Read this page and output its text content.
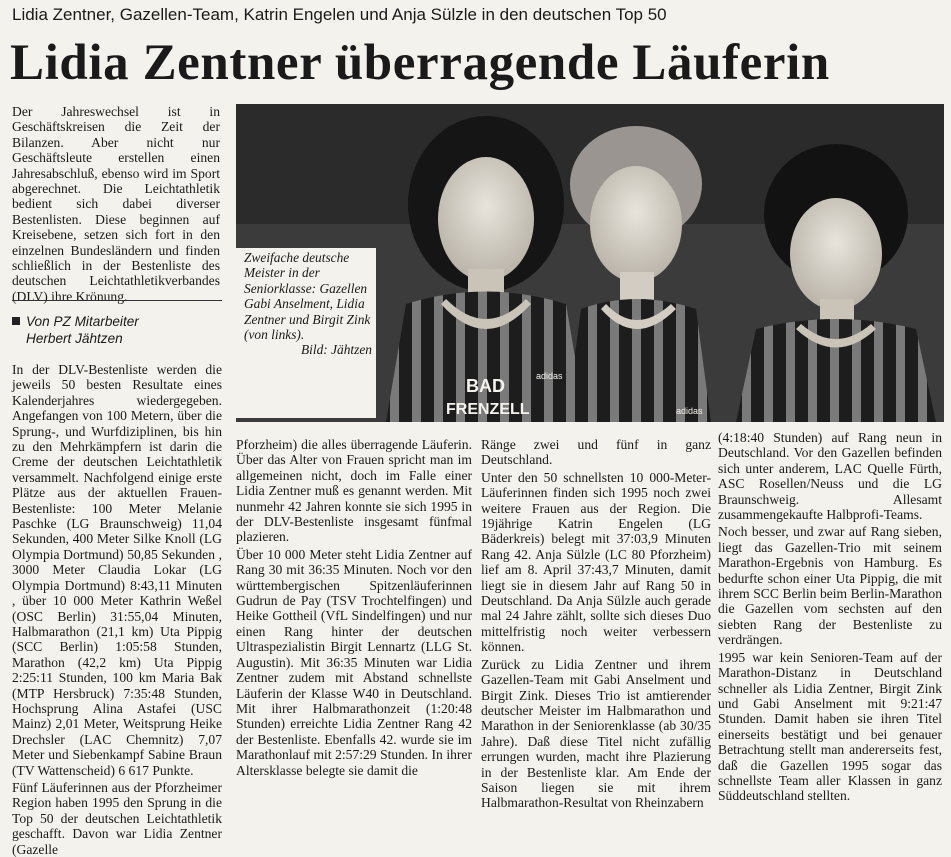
Lidia Zentner, Gazellen-Team, Katrin Engelen und Anja Sülzle in den deutschen Top 50
Lidia Zentner überragende Läuferin

Der Jahreswechsel ist in Geschäftskreisen die Zeit der Bilanzen. Aber nicht nur Geschäftsleute erstellen einen Jahresabschluß, ebenso wird im Sport abgerechnet. Die Leichtathletik bedient sich dabei diverser Bestenlisten. Diese beginnen auf Kreisebene, setzen sich fort in den einzelnen Bundesländern und finden schließlich in der Bestenliste des deutschen Leichtathletikverbandes (DLV) ihre Krönung.

Von PZ Mitarbeiter
Herbert Jähtzen
BAD	adidas
FRENZELL	adidas
Zweifache deutsche Meister in der Seniorklasse: Gazellen Gabi Anselment, Lidia Zentner und Birgit Zink (von links).
Bild: Jähtzen

In der DLV-Bestenliste werden die jeweils 50 besten Resultate eines Kalenderjahres wiedergegeben. Angefangen von 100 Metern, über die Sprung-, und Wurfdiziplinen, bis hin zu den Mehrkämpfern ist darin die Creme der deutschen Leichtathletik versammelt. Nachfolgend einige erste Plätze aus der aktuellen Frauen-Bestenliste: 100 Meter Melanie Paschke (LG Braunschweig) 11,04 Sekunden, 400 Meter Silke Knoll (LG Olympia Dortmund) 50,85 Sekunden , 3000 Meter Claudia Lokar (LG Olympia Dortmund) 8:43,11 Minuten , über 10 000 Meter Kathrin Weßel (OSC Berlin) 31:55,04 Minuten, Halbmarathon (21,1 km) Uta Pippig (SCC Berlin) 1:05:58 Stunden, Marathon (42,2 km) Uta Pippig 2:25:11 Stunden, 100 km Maria Bak (MTP Hersbruck) 7:35:48 Stunden, Hochsprung Alina Astafei (USC Mainz) 2,01 Meter, Weitsprung Heike Drechsler (LAC Chemnitz) 7,07 Meter und Siebenkampf Sabine Braun (TV Wattenscheid) 6 617 Punkte.

Fünf Läuferinnen aus der Pforzheimer Region haben 1995 den Sprung in die Top 50 der deutschen Leichtathletik geschafft. Davon war Lidia Zentner (Gazelle

Pforzheim) die alles überragende Läuferin. Über das Alter von Frauen spricht man im allgemeinen nicht, doch im Falle einer Lidia Zentner muß es genannt werden. Mit nunmehr 42 Jahren konnte sie sich 1995 in der DLV-Bestenliste insgesamt fünfmal plazieren.

Über 10 000 Meter steht Lidia Zentner auf Rang 30 mit 36:35 Minuten. Noch vor den württembergischen Spitzenläuferinnen Gudrun de Pay (TSV Trochtelfingen) und Heike Gottheil (VfL Sindelfingen) und nur einen Rang hinter der deutschen Ultraspezialistin Birgit Lennartz (LLG St. Augustin). Mit 36:35 Minuten war Lidia Zentner zudem mit Abstand schnellste Läuferin der Klasse W40 in Deutschland. Mit ihrer Halbmarathonzeit (1:20:48 Stunden) erreichte Lidia Zentner Rang 42 der Bestenliste. Ebenfalls 42. wurde sie im Marathonlauf mit 2:57:29 Stunden. In ihrer Altersklasse belegte sie damit die

Ränge zwei und fünf in ganz Deutschland.

Unter den 50 schnellsten 10 000-Meter-Läuferinnen finden sich 1995 noch zwei weitere Frauen aus der Region. Die 19jährige Katrin Engelen (LG Bäderkreis) belegt mit 37:03,9 Minuten Rang 42. Anja Sülzle (LC 80 Pforzheim) lief am 8. April 37:43,7 Minuten, damit liegt sie in diesem Jahr auf Rang 50 in Deutschland. Da Anja Sülzle auch gerade mal 24 Jahre zählt, sollte sich dieses Duo mittelfristig noch weiter verbessern können.

Zurück zu Lidia Zentner und ihrem Gazellen-Team mit Gabi Anselment und Birgit Zink. Dieses Trio ist amtierender deutscher Meister im Halbmarathon und Marathon in der Seniorenklasse (ab 30/35 Jahre). Daß diese Titel nicht zufällig errungen wurden, macht ihre Plazierung in der Bestenliste klar. Am Ende der Saison liegen sie mit ihrem Halbmarathon-Resultat von Rheinzabern

(4:18:40 Stunden) auf Rang neun in Deutschland. Vor den Gazellen befinden sich unter anderem, LAC Quelle Fürth, ASC Rosellen/Neuss und die LG Braunschweig. Allesamt zusammengekaufte Halbprofi-Teams.

Noch besser, und zwar auf Rang sieben, liegt das Gazellen-Trio mit seinem Marathon-Ergebnis von Hamburg. Es bedurfte schon einer Uta Pippig, die mit ihrem SCC Berlin beim Berlin-Marathon die Gazellen vom sechsten auf den siebten Rang der Bestenliste zu verdrängen.

1995 war kein Senioren-Team auf der Marathon-Distanz in Deutschland schneller als Lidia Zentner, Birgit Zink und Gabi Anselment mit 9:21:47 Stunden. Damit haben sie ihren Titel einerseits bestätigt und bei genauer Betrachtung stellt man andererseits fest, daß die Gazellen 1995 sogar das schnellste Team aller Klassen in ganz Süddeutschland stellten.
